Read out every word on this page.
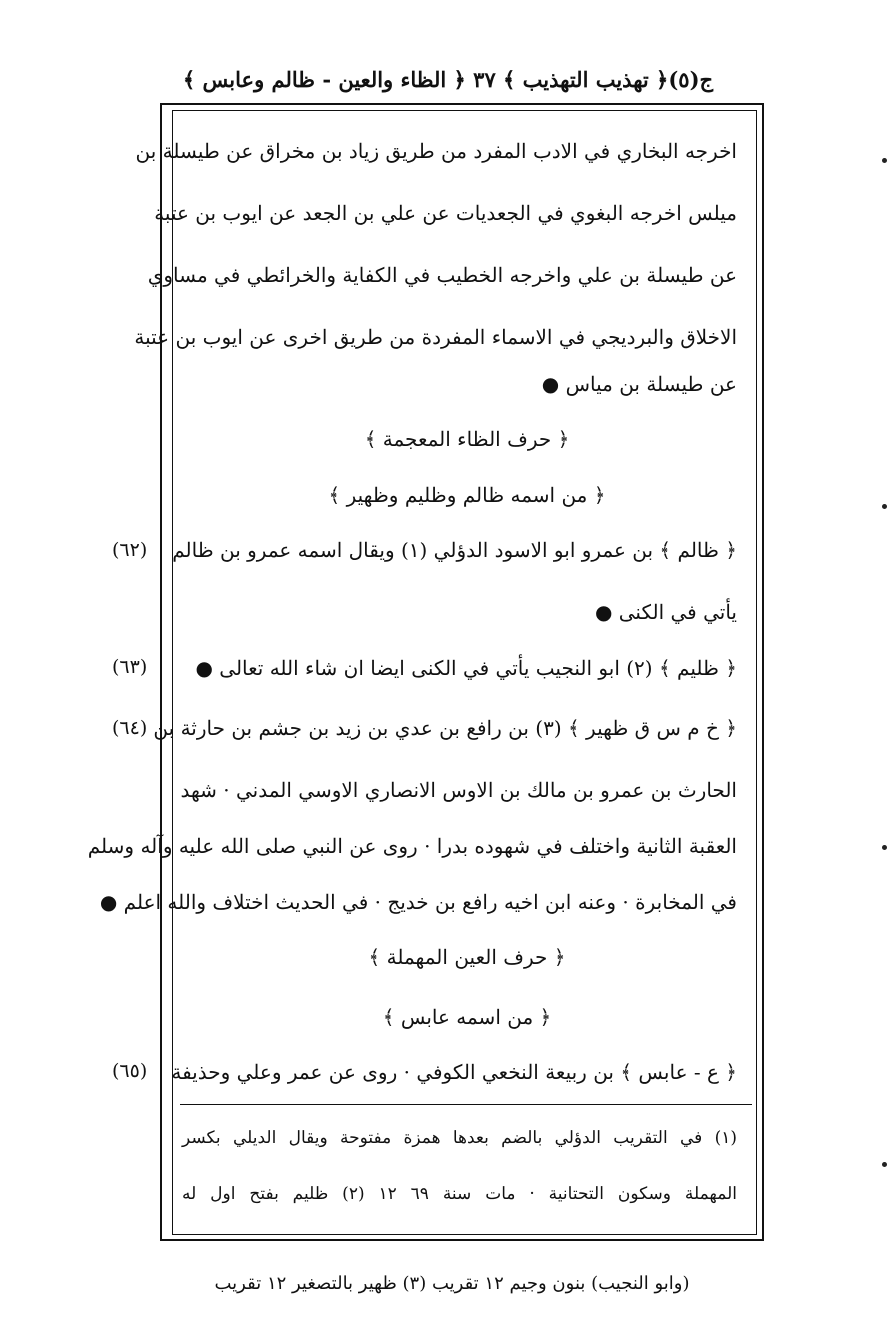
ج(٥)﴿ تهذيب التهذيب ﴾ ٣٧ ﴿ الظاء والعين - ظالم وعابس ﴾
اخرجه البخاري في الادب المفرد من طريق زياد بن مخراق عن طيسلة بن
ميلس اخرجه البغوي في الجعديات عن علي بن الجعد عن ايوب بن عتبة
عن طيسلة بن علي واخرجه الخطيب في الكفاية والخرائطي في مساوي
الاخلاق والبرديجي في الاسماء المفردة من طريق اخرى عن ايوب بن عتبة
عن طيسلة بن مياس ●
﴿ حرف الظاء المعجمة ﴾
﴿ من اسمه ظالم وظليم وظهير ﴾
﴿ ظالم ﴾ بن عمرو ابو الاسود الدؤلي (١) ويقال اسمه عمرو بن ظالم
(٦٢)
يأتي في الكنى ●
﴿ ظليم ﴾ (٢) ابو النجيب يأتي في الكنى ايضا ان شاء الله تعالى ●
(٦٣)
﴿ خ م س ق ظهير ﴾ (٣) بن رافع بن عدي بن زيد بن جشم بن حارثة بن
(٦٤)
الحارث بن عمرو بن مالك بن الاوس الانصاري الاوسي المدني · شهد
العقبة الثانية واختلف في شهوده بدرا · روى عن النبي صلى الله عليه وآله وسلم
في المخابرة · وعنه ابن اخيه رافع بن خديج · في الحديث اختلاف والله اعلم ●
﴿ حرف العين المهملة ﴾
﴿ من اسمه عابس ﴾
﴿ ع - عابس ﴾ بن ربيعة النخعي الكوفي · روى عن عمر وعلي وحذيفة
(٦٥)
(١) في التقريب الدؤلي بالضم بعدها همزة مفتوحة ويقال الديلي بكسر
المهملة وسكون التحتانية · مات سنة ٦٩ ١٢ (٢) ظليم بفتح اول له
(وابو النجيب) بنون وجيم ١٢ تقريب (٣) ظهير بالتصغير ١٢ تقريب
